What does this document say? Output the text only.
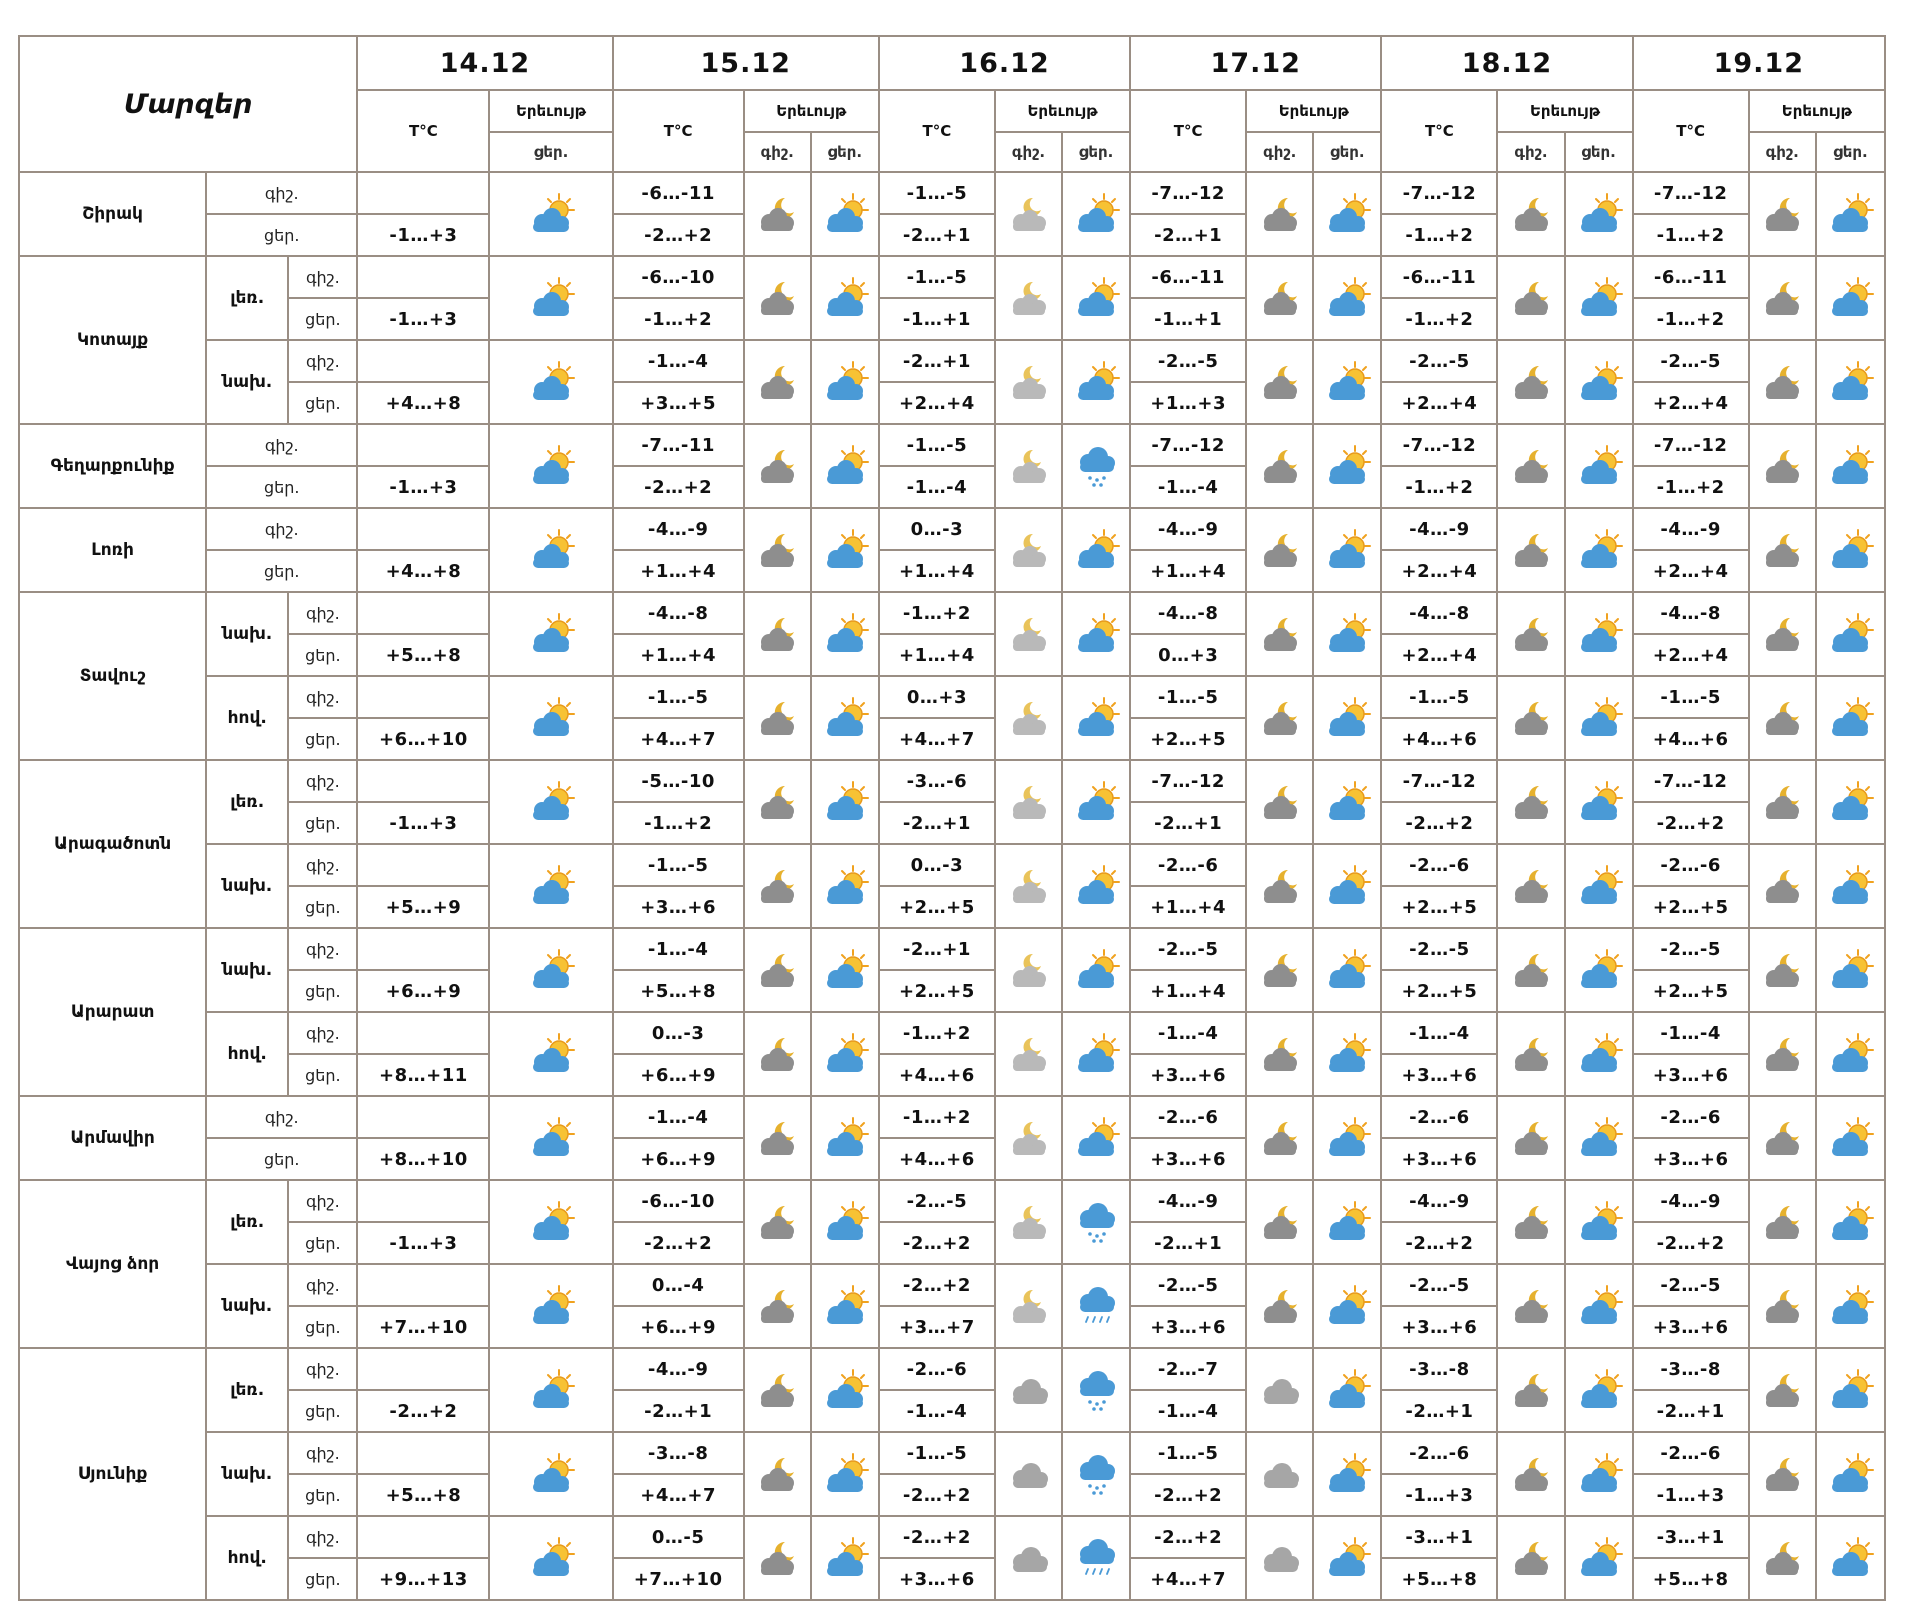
Մարզեր			14.12		15.12			16.12			17.12			18.12			19.12		
			T°C	Երեւույթ	T°C	Երեւույթ		T°C	Երեւույթ		T°C	Երեւույթ		T°C	Երեւույթ		T°C	Երեւույթ	
				ցեր.		գիշ.	ցեր.		գիշ.	ցեր.		գիշ.	ցեր.		գիշ.	ցեր.		գիշ.	ցեր.
Շիրակ	գիշ.				-6…-11			-1…-5			-7…-12			-7…-12			-7…-12	

	ցեր.		-1…+3		-2…+2			-2…+1			-2…+1			-1…+2			-1…+2		
Կոտայք	լեռ.	գիշ.			-6…-10			-1…-5			-6…-11			-6…-11			-6…-11	

		ցեր.	-1…+3		-1…+2			-1…+1			-1…+1			-1…+2			-1…+2		
	նախ.	գիշ.			-1…-4			-2…+1			-2…-5			-2…-5			-2…-5	

		ցեր.	+4…+8		+3…+5			+2…+4			+1…+3			+2…+4			+2…+4		
Գեղարքունիք	գիշ.				-7…-11			-1…-5			-7…-12			-7…-12			-7…-12	

	ցեր.		-1…+3		-2…+2			-1…-4			-1…-4			-1…+2			-1…+2		
Լոռի	գիշ.				-4…-9			0…-3			-4…-9			-4…-9			-4…-9	

	ցեր.		+4…+8		+1…+4			+1…+4			+1…+4			+2…+4			+2…+4		
Տավուշ	նախ.	գիշ.			-4…-8			-1…+2			-4…-8			-4…-8			-4…-8	

		ցեր.	+5…+8		+1…+4			+1…+4			0…+3			+2…+4			+2…+4		
	հով.	գիշ.			-1…-5			0…+3			-1…-5			-1…-5			-1…-5	

		ցեր.	+6…+10		+4…+7			+4…+7			+2…+5			+4…+6			+4…+6		
Արագածոտն	լեռ.	գիշ.			-5…-10			-3…-6			-7…-12			-7…-12			-7…-12	

		ցեր.	-1…+3		-1…+2			-2…+1			-2…+1			-2…+2			-2…+2		
	նախ.	գիշ.			-1…-5			0…-3			-2…-6			-2…-6			-2…-6	

		ցեր.	+5…+9		+3…+6			+2…+5			+1…+4			+2…+5			+2…+5		
Արարատ	նախ.	գիշ.			-1…-4			-2…+1			-2…-5			-2…-5			-2…-5	

		ցեր.	+6…+9		+5…+8			+2…+5			+1…+4			+2…+5			+2…+5		
	հով.	գիշ.			0…-3			-1…+2			-1…-4			-1…-4			-1…-4	

		ցեր.	+8…+11		+6…+9			+4…+6			+3…+6			+3…+6			+3…+6		
Արմավիր	գիշ.				-1…-4			-1…+2			-2…-6			-2…-6			-2…-6	

	ցեր.		+8…+10		+6…+9			+4…+6			+3…+6			+3…+6			+3…+6		
Վայոց ձոր	լեռ.	գիշ.			-6…-10			-2…-5			-4…-9			-4…-9			-4…-9	

		ցեր.	-1…+3		-2…+2			-2…+2			-2…+1			-2…+2			-2…+2		
	նախ.	գիշ.			0…-4			-2…+2			-2…-5			-2…-5			-2…-5	

		ցեր.	+7…+10		+6…+9			+3…+7			+3…+6			+3…+6			+3…+6		
Սյունիք	լեռ.	գիշ.			-4…-9			-2…-6			-2…-7			-3…-8			-3…-8	

		ցեր.	-2…+2		-2…+1			-1…-4			-1…-4			-2…+1			-2…+1		
	նախ.	գիշ.			-3…-8			-1…-5			-1…-5			-2…-6			-2…-6	

		ցեր.	+5…+8		+4…+7			-2…+2			-2…+2			-1…+3			-1…+3		
	հով.	գիշ.			0…-5			-2…+2			-2…+2			-3…+1			-3…+1	

		ցեր.	+9…+13		+7…+10			+3…+6			+4…+7			+5…+8			+5…+8		
